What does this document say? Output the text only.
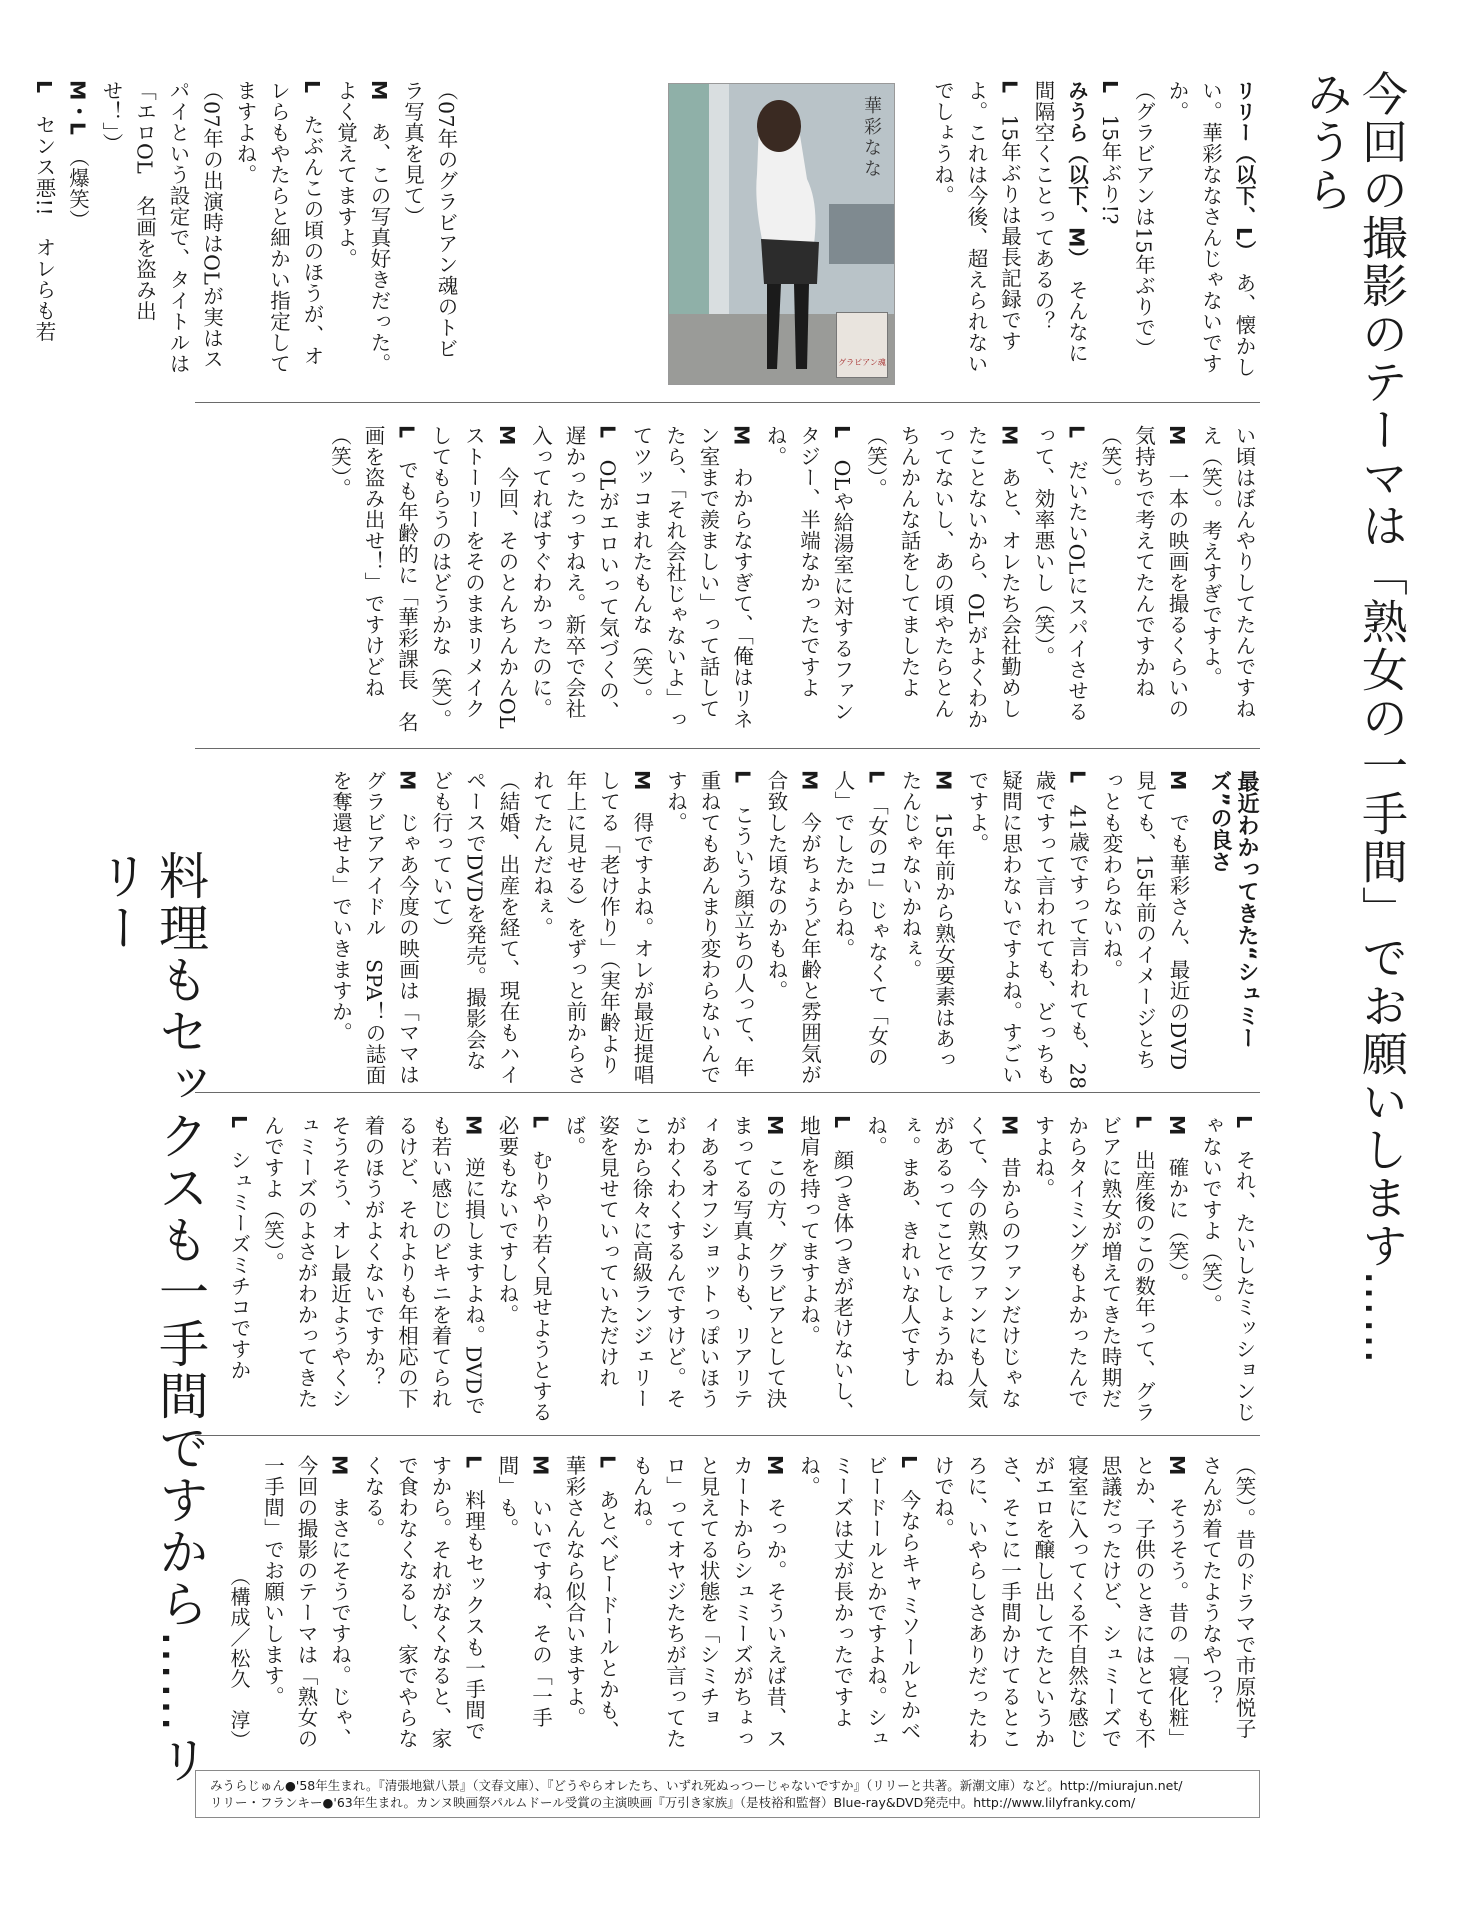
今回の撮影のテーマは「熟女の一手間」でお願いします……みうら
料理もセックスも一手間ですから……リリー

リリー（以下、L）　あ、懐かしい。華彩ななさんじゃないですか。

（グラビアンは15年ぶりで）

L　15年ぶり!?

みうら（以下、M）　そんなに間隔空くことってあるの？

L　15年ぶりは最長記録ですよ。これは今後、超えられないでしょうね。

（07年のグラビアン魂のトビラ写真を見て）

M　あ、この写真好きだった。よく覚えてますよ。

L　たぶんこの頃のほうが、オレらもやたらと細かい指定してますよね。

（07年の出演時はOLが実はスパイという設定で、タイトルは「エロOL　名画を盗み出せ！」）

M・L　（爆笑）

L　センス悪!!　オレらも若	華彩なな
グラビアン魂

い頃はぼんやりしてたんですねえ（笑）。考えすぎですよ。

M　一本の映画を撮るくらいの気持ちで考えてたんですかね（笑）。

L　だいたいOLにスパイさせるって、効率悪いし（笑）。

M　あと、オレたち会社勤めしたことないから、OLがよくわかってないし、あの頃やたらとんちんかんな話をしてましたよ（笑）。

L　OLや給湯室に対するファンタジー、半端なかったですよね。

M　わからなすぎて、「俺はリネン室まで羨ましい」って話してたら、「それ会社じゃないよ」ってツッコまれたもんな（笑）。

L　OLがエロいって気づくの、遅かったっすねえ。新卒で会社入ってればすぐわかったのに。

M　今回、そのとんちんかんOLストーリーをそのままリメイクしてもらうのはどうかな（笑）。

L　でも年齢的に「華彩課長　名画を盗み出せ！」ですけどね（笑）。

最近わかってきた“シュミーズ”の良さ

M　でも華彩さん、最近のDVD見ても、15年前のイメージとちっとも変わらないね。

L　41歳ですって言われても、28歳ですって言われても、どっちも疑問に思わないですよね。すごいですよ。

M　15年前から熟女要素はあったんじゃないかねぇ。

L　「女のコ」じゃなくて「女の人」でしたからね。

M　今がちょうど年齢と雰囲気が合致した頃なのかもね。

L　こういう顔立ちの人って、年重ねてもあんまり変わらないんですね。

M　得ですよね。オレが最近提唱してる「老け作り」（実年齢より年上に見せる）をずっと前からされてたんだねぇ。

（結婚、出産を経て、現在もハイペースでDVDを発売。撮影会なども行っていて）

M　じゃあ今度の映画は「ママはグラビアアイドル　SPA！の誌面を奪還せよ」でいきますか。

L　それ、たいしたミッションじゃないですよ（笑）。

M　確かに（笑）。

L　出産後のこの数年って、グラビアに熟女が増えてきた時期だからタイミングもよかったんですよね。

M　昔からのファンだけじゃなくて、今の熟女ファンにも人気があるってことでしょうかねぇ。まあ、きれいな人ですしね。

L　顔つき体つきが老けないし、地肩を持ってますよね。

M　この方、グラビアとして決まってる写真よりも、リアリティあるオフショットっぽいほうがわくわくするんですけど。そこから徐々に高級ランジェリー姿を見せていっていただければ。

L　むりやり若く見せようとする必要もないですしね。

M　逆に損しますよね。DVDでも若い感じのビキニを着てられるけど、それよりも年相応の下着のほうがよくないですか？　そうそう、オレ最近ようやくシュミーズのよさがわかってきたんですよ（笑）。

L　シュミーズミチコですか

（笑）。昔のドラマで市原悦子さんが着てたようなやつ？

M　そうそう。昔の「寝化粧」とか、子供のときにはとても不思議だったけど、シュミーズで寝室に入ってくる不自然な感じがエロを醸し出してたというかさ、そこに一手間かけてるところに、いやらしさありだったわけでね。

L　今ならキャミソールとかベビードールとかですよね。シュミーズは丈が長かったですよね。

M　そっか。そういえば昔、スカートからシュミーズがちょっと見えてる状態を「シミチョロ」ってオヤジたちが言ってたもんね。

L　あとベビードールとかも、華彩さんなら似合いますよ。

M　いいですね、その「一手間」も。

L　料理もセックスも一手間ですから。それがなくなると、家で食わなくなるし、家でやらなくなる。

M　まさにそうですね。じゃ、今回の撮影のテーマは「熟女の一手間」でお願いします。

（構成／松久　淳）

みうらじゅん●'58年生まれ。『清張地獄八景』（文春文庫）、『どうやらオレたち、いずれ死ぬっつーじゃないですか』（リリーと共著。新潮文庫）など。http://miurajun.net/
リリー・フランキー●'63年生まれ。カンヌ映画祭パルムドール受賞の主演映画『万引き家族』（是枝裕和監督）Blue-ray&DVD発売中。http://www.lilyfranky.com/
